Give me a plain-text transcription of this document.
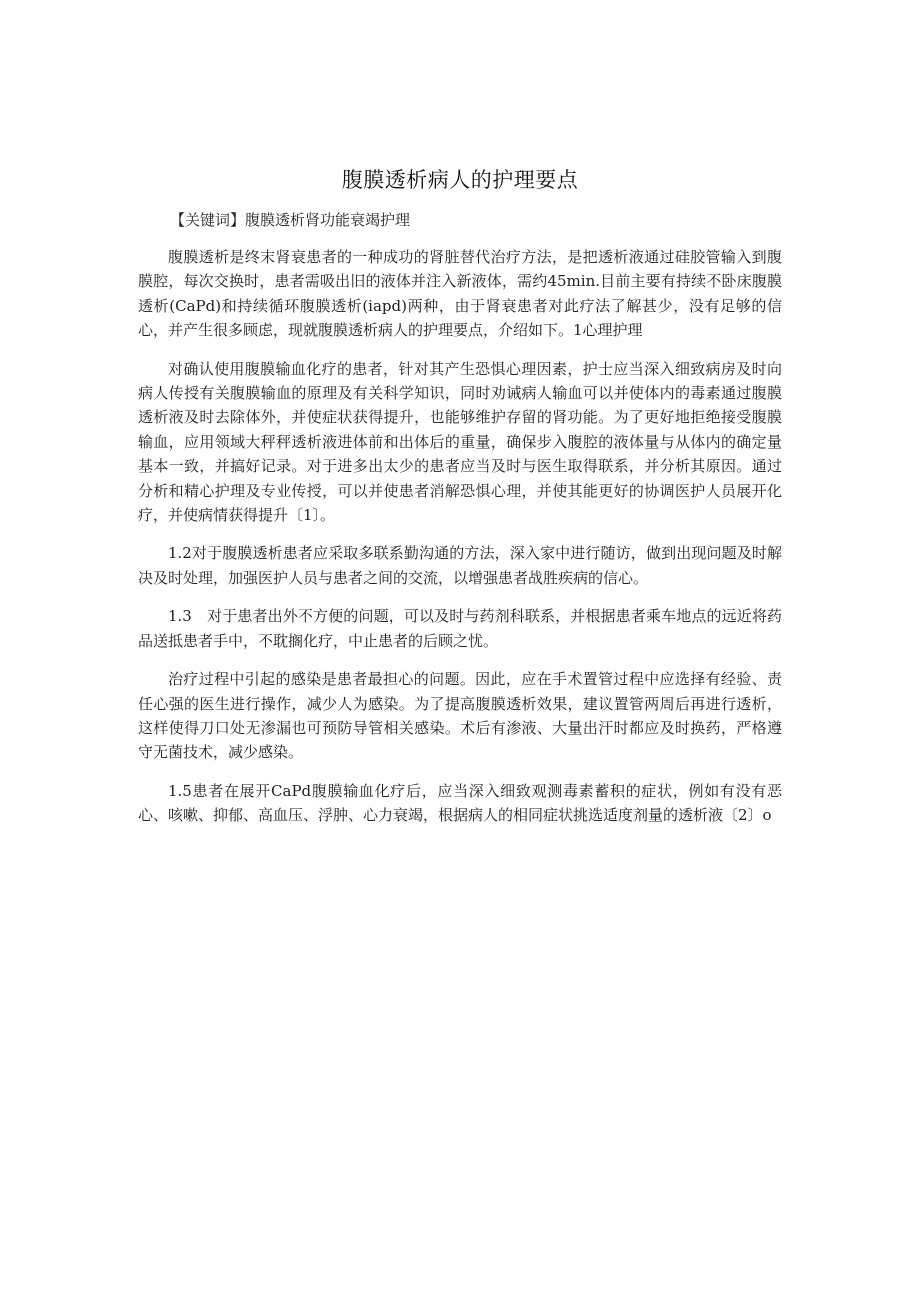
腹膜透析病人的护理要点
【关键词】腹膜透析肾功能衰竭护理

腹膜透析是终末肾衰患者的一种成功的肾脏替代治疗方法，是把透析液通过硅胶管输入到腹膜腔，每次交换时，患者需吸出旧的液体并注入新液体，需约45min.目前主要有持续不卧床腹膜透析(CaPd)和持续循环腹膜透析(iapd)两种，由于肾衰患者对此疗法了解甚少，没有足够的信心，并产生很多顾虑，现就腹膜透析病人的护理要点，介绍如下。1心理护理

对确认使用腹膜输血化疗的患者，针对其产生恐惧心理因素，护士应当深入细致病房及时向病人传授有关腹膜输血的原理及有关科学知识，同时劝诫病人输血可以并使体内的毒素通过腹膜透析液及时去除体外，并使症状获得提升，也能够维护存留的肾功能。为了更好地拒绝接受腹膜输血，应用领域大秤秤透析液进体前和出体后的重量，确保步入腹腔的液体量与从体内的确定量基本一致，并搞好记录。对于进多出太少的患者应当及时与医生取得联系，并分析其原因。通过分析和精心护理及专业传授，可以并使患者消解恐惧心理，并使其能更好的协调医护人员展开化疗，并使病情获得提升〔1〕。

1.2对于腹膜透析患者应采取多联系勤沟通的方法，深入家中进行随访，做到出现问题及时解决及时处理，加强医护人员与患者之间的交流，以增强患者战胜疾病的信心。

1.3　对于患者出外不方便的问题，可以及时与药剂科联系，并根据患者乘车地点的远近将药品送抵患者手中，不耽搁化疗，中止患者的后顾之忧。

治疗过程中引起的感染是患者最担心的问题。因此，应在手术置管过程中应选择有经验、责任心强的医生进行操作，减少人为感染。为了提高腹膜透析效果，建议置管两周后再进行透析，这样使得刀口处无渗漏也可预防导管相关感染。术后有渗液、大量出汗时都应及时换药，严格遵守无菌技术，减少感染。

1.5患者在展开CaPd腹膜输血化疗后，应当深入细致观测毒素蓄积的症状，例如有没有恶心、咳嗽、抑郁、高血压、浮肿、心力衰竭，根据病人的相同症状挑选适度剂量的透析液〔2〕o
